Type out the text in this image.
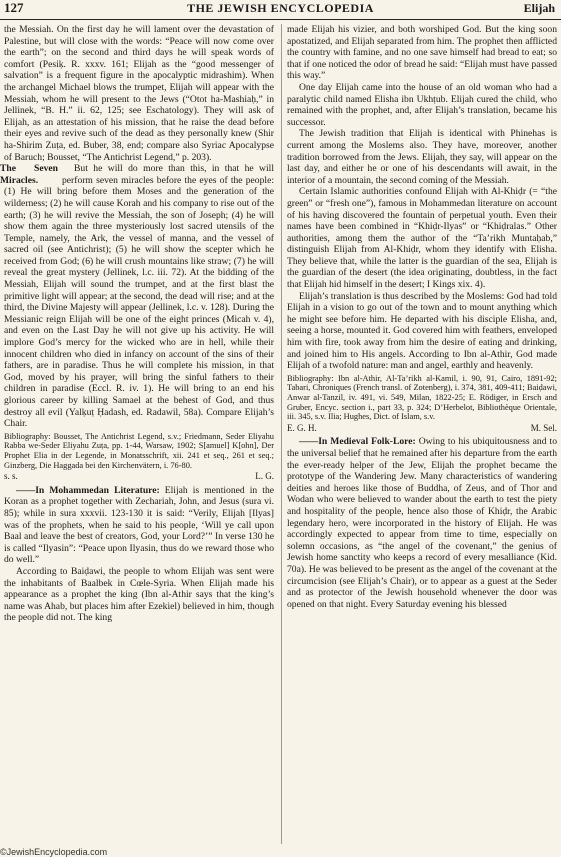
127	THE JEWISH ENCYCLOPEDIA	Elijah

the Messiah. On the first day he will lament over the devastation of Palestine, but will close with the words: “Peace will now come over the earth”; on the second and third days he will speak words of comfort (Pesiḳ. R. xxxv. 161; Elijah as the “good messenger of salvation” is a frequent figure in the apocalyptic midrashim). When the archangel Michael blows the trumpet, Elijah will appear with the Messiah, whom he will present to the Jews (“Otot ha-Mashiaḥ,” in Jellinek, “B. H.” ii. 62, 125; see Eschatology). They will ask of Elijah, as an attestation of his mission, that he raise the dead before their eyes and revive such of the dead as they personally knew (Shir ha-Shirim Zuṭa, ed. Buber, 38, end; compare also Syriac Apocalypse of Baruch; Bousset, “The Antichrist Legend,” p. 203).

The Seven Miracles.
But he will do more than this, in that he will perform seven miracles before the eyes of the people: (1) He will bring before them Moses and the generation of the wilderness; (2) he will cause Korah and his company to rise out of the earth; (3) he will revive the Messiah, the son of Joseph; (4) he will show them again the three mysteriously lost sacred utensils of the Temple, namely, the Ark, the vessel of manna, and the vessel of sacred oil (see Antichrist); (5) he will show the scepter which he received from God; (6) he will crush mountains like straw; (7) he will reveal the great mystery (Jellinek, l.c. iii. 72). At the bidding of the Messiah, Elijah will sound the trumpet, and at the first blast the primitive light will appear; at the second, the dead will rise; and at the third, the Divine Majesty will appear (Jellinek, l.c. v. 128). During the Messianic reign Elijah will be one of the eight princes (Micah v. 4), and even on the Last Day he will not give up his activity. He will implore God’s mercy for the wicked who are in hell, while their innocent children who died in infancy on account of the sins of their fathers, are in paradise. Thus he will complete his mission, in that God, moved by his prayer, will bring the sinful fathers to their children in paradise (Eccl. R. iv. 1). He will bring to an end his glorious career by killing Samael at the behest of God, and thus destroy all evil (Yalḳuṭ Ḥadash, ed. Radawil, 58a). Compare Elijah’s Chair.

Bibliography: Bousset, The Antichrist Legend, s.v.; Friedmann, Seder Eliyahu Rabba we-Seder Eliyahu Zuṭa, pp. 1-44, Warsaw, 1902; S[amuel] K[ohn], Der Prophet Elia in der Legende, in Monatsschrift, xii. 241 et seq., 261 et seq.; Ginzberg, Die Haggada bei den Kirchenvätern, i. 76-80.

s. s.	L. G.

——In Mohammedan Literature: Elijah is mentioned in the Koran as a prophet together with Zechariah, John, and Jesus (sura vi. 85); while in sura xxxvii. 123-130 it is said: “Verily, Elijah [Ilyas] was of the prophets, when he said to his people, ‘Will ye call upon Baal and leave the best of creators, God, your Lord?’” In verse 130 he is called “Ilyasin”: “Peace upon Ilyasin, thus do we reward those who do well.”

According to Baiḍawi, the people to whom Elijah was sent were the inhabitants of Baalbek in Cœle-Syria. When Elijah made his appearance as a prophet the king (Ibn al-Athir says that the king’s name was Ahab, but places him after Ezekiel) believed in him, though the people did not. The king

made Elijah his vizier, and both worshiped God. But the king soon apostatized, and Elijah separated from him. The prophet then afflicted the country with famine, and no one save himself had bread to eat; so that if one noticed the odor of bread he said: “Elijah must have passed this way.”

One day Elijah came into the house of an old woman who had a paralytic child named Elisha ibn Ukhṭub. Elijah cured the child, who remained with the prophet, and, after Elijah’s translation, became his successor.

The Jewish tradition that Elijah is identical with Phinehas is current among the Moslems also. They have, moreover, another tradition borrowed from the Jews. Elijah, they say, will appear on the last day, and either he or one of his descendants will await, in the interior of a mountain, the second coming of the Messiah.

Certain Islamic authorities confound Elijah with Al-Khiḍr (= “the green” or “fresh one”), famous in Mohammedan literature on account of his having discovered the fountain of perpetual youth. Even their names have been combined in “Khiḍr-Ilyas” or “Khiḍralas.” Other authorities, among them the author of the “Ta’rikh Muntaḥab,” distinguish Elijah from Al-Khiḍr, whom they identify with Elisha. They believe that, while the latter is the guardian of the sea, Elijah is the guardian of the desert (the idea originating, doubtless, in the fact that Elijah hid himself in the desert; I Kings xix. 4).

Elijah’s translation is thus described by the Moslems: God had told Elijah in a vision to go out of the town and to mount anything which he might see before him. He departed with his disciple Elisha, and, seeing a horse, mounted it. God covered him with feathers, enveloped him with fire, took away from him the desire of eating and drinking, and joined him to His angels. According to Ibn al-Athir, God made Elijah of a twofold nature: man and angel, earthly and heavenly.

Bibliography: Ibn al-Athir, Al-Ta’rikh al-Kamil, i. 90, 91, Cairo, 1891-92; Tabari, Chroniques (French transl. of Zotenberg), i. 374, 381, 409-411; Baiḍawi, Anwar al-Tanzil, iv. 491, vi. 549, Milan, 1822-25; E. Rödiger, in Ersch and Gruber, Encyc. section i., part 33, p. 324; D’Herbelot, Bibliothèque Orientale, iii. 345, s.v. Ilia; Hughes, Dict. of Islam, s.v.

E. G. H.	M. Sel.

——In Medieval Folk-Lore: Owing to his ubiquitousness and to the universal belief that he remained after his departure from the earth the ever-ready helper of the Jew, Elijah the prophet became the prototype of the Wandering Jew. Many characteristics of wandering deities and heroes like those of Buddha, of Zeus, and of Thor and Wodan who were believed to wander about the earth to test the piety and hospitality of the people, hence also those of Khiḍr, the Arabic legendary hero, were incorporated in the history of Elijah. He was accordingly expected to appear from time to time, especially on solemn occasions, as “the angel of the covenant,” the genius of Jewish home sanctity who keeps a record of every mesalliance (Kid. 70a). He was believed to be present as the angel of the covenant at the circumcision (see Elijah’s Chair), or to appear as a guest at the Seder and as protector of the Jewish household whenever the door was opened on that night. Every Saturday evening his blessed

©JewishEncyclopedia.com
